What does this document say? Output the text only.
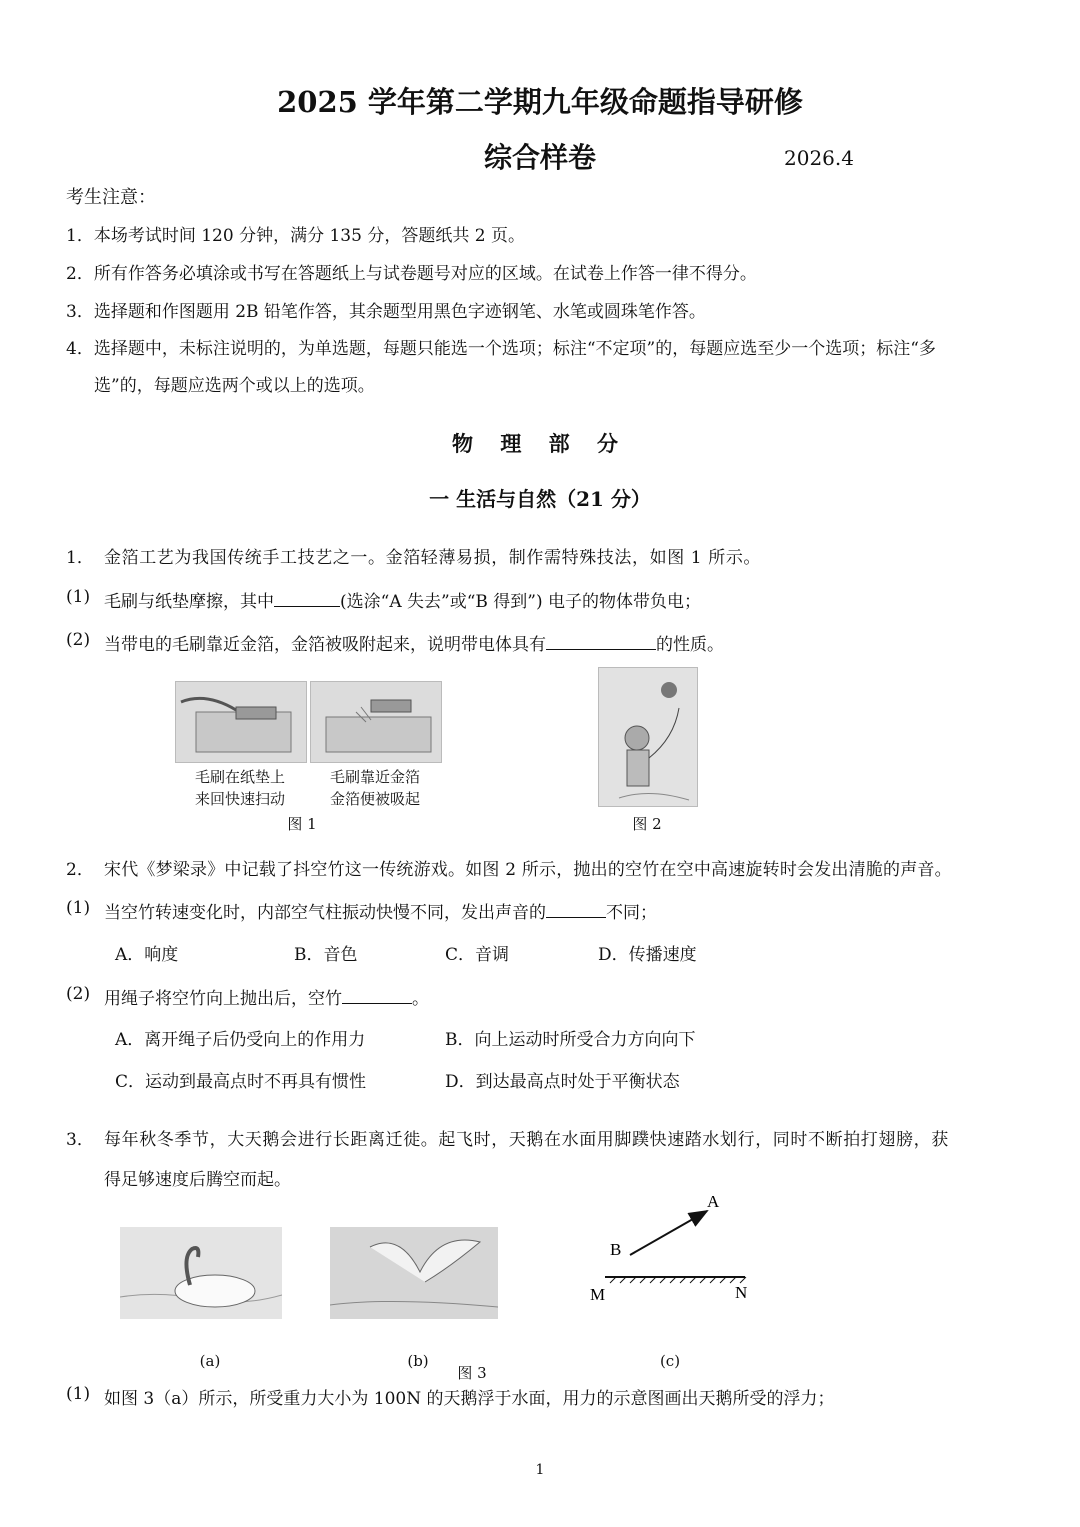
2025 学年第二学期九年级命题指导研修
综合样卷	2026.4
考生注意：
1．本场考试时间 120 分钟，满分 135 分，答题纸共 2 页。
2．所有作答务必填涂或书写在答题纸上与试卷题号对应的区域。在试卷上作答一律不得分。
3．选择题和作图题用 2B 铅笔作答，其余题型用黑色字迹钢笔、水笔或圆珠笔作答。
4．选择题中，未标注说明的，为单选题，每题只能选一个选项；标注“不定项”的，每题应选至少一个选项；标注“多
选”的，每题应选两个或以上的选项。
物 理 部 分
一 生活与自然（21 分）
1． 金箔工艺为我国传统手工技艺之一。金箔轻薄易损，制作需特殊技法，如图 1 所示。
(1) 毛刷与纸垫摩擦，其中	(选涂“A 失去”或“B 得到”) 电子的物体带负电；
(2) 当带电的毛刷靠近金箔，金箔被吸附起来，说明带电体具有	的性质。
毛刷在纸垫上
来回快速扫动
毛刷靠近金箔
金箔便被吸起
图 1	图 2
2． 宋代《梦梁录》中记载了抖空竹这一传统游戏。如图 2 所示，抛出的空竹在空中高速旋转时会发出清脆的声音。
(1) 当空竹转速变化时，内部空气柱振动快慢不同，发出声音的	不同；
A．响度	B．音色	C．音调	D．传播速度
(2) 用绳子将空竹向上抛出后，空竹	。
A．离开绳子后仍受向上的作用力	B．向上运动时所受合力方向向下
C．运动到最高点时不再具有惯性	D．到达最高点时处于平衡状态
3． 每年秋冬季节，大天鹅会进行长距离迁徙。起飞时，天鹅在水面用脚蹼快速踏水划行，同时不断拍打翅膀，获
得足够速度后腾空而起。
(a)	(b)
图 3
(c)
A
B
M	N
(1) 如图 3（a）所示，所受重力大小为 100N 的天鹅浮于水面，用力的示意图画出天鹅所受的浮力；
1
